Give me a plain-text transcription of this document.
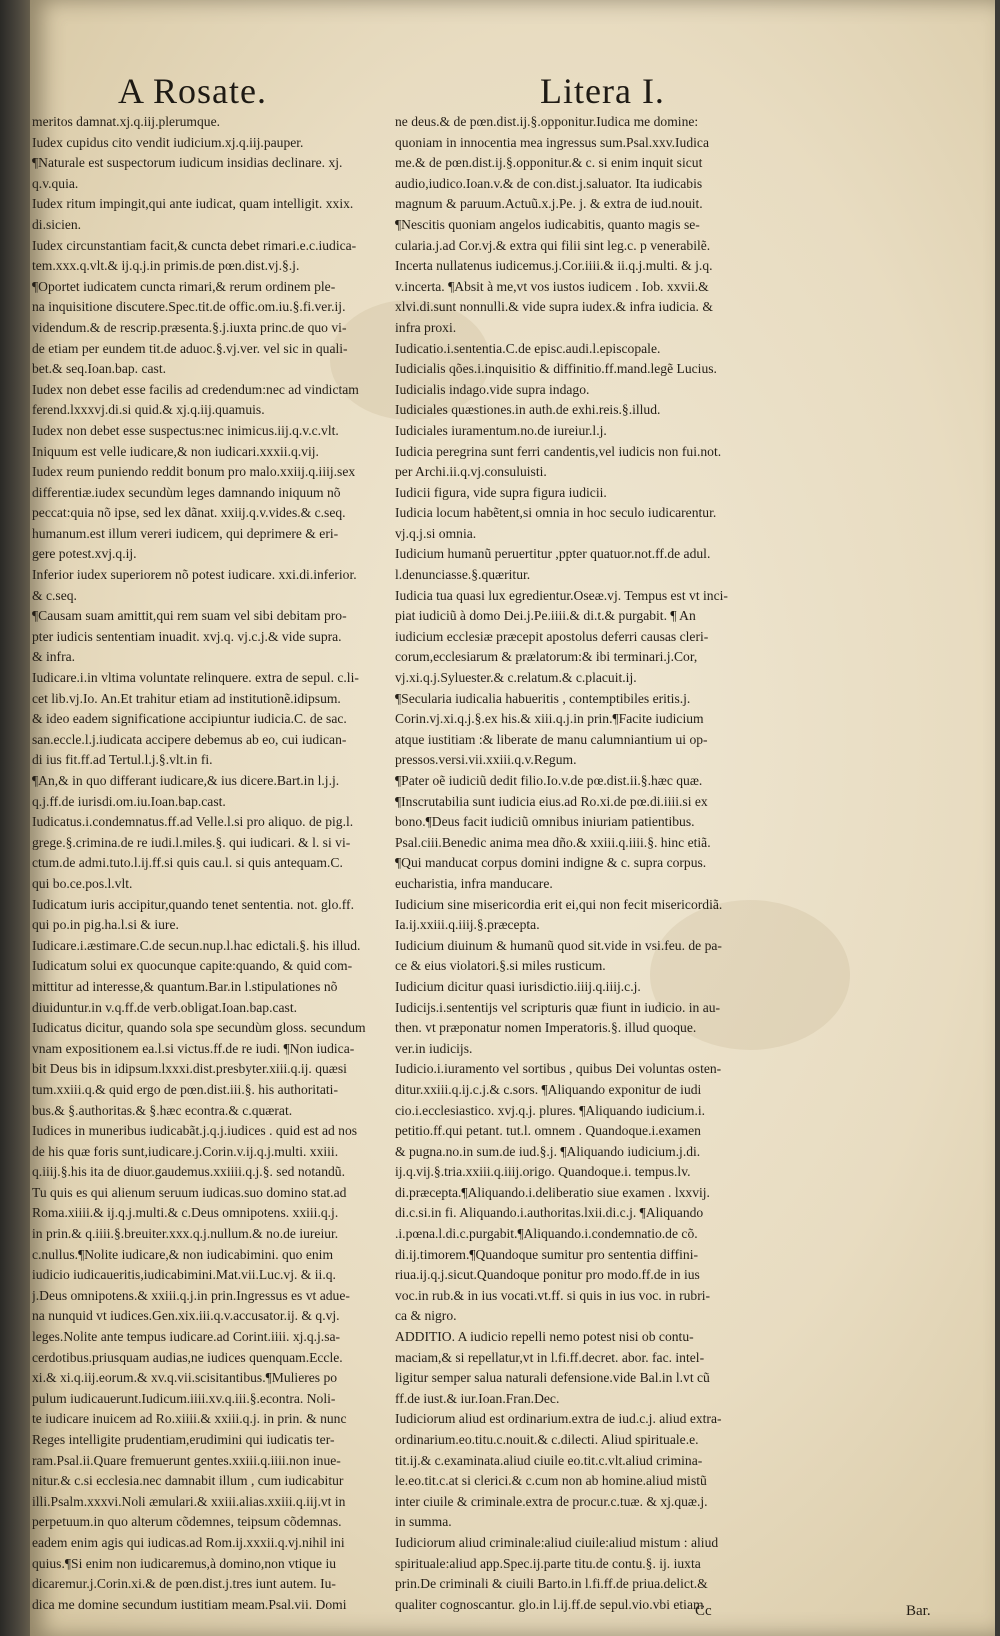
A Rosate.	Litera I.
meritos damnat.xj.q.iij.plerumque.
Iudex cupidus cito vendit iudicium.xj.q.iij.pauper.
¶Naturale est suspectorum iudicum insidias declinare. xj.
q.v.quia.
Iudex ritum impingit,qui ante iudicat, quam intelligit. xxix.
di.sicien.
Iudex circunstantiam facit,& cuncta debet rimari.e.c.iudica-
tem.xxx.q.vlt.& ij.q.j.in primis.de pœn.dist.vj.§.j.
¶Oportet iudicatem cuncta rimari,& rerum ordinem ple-
na inquisitione discutere.Spec.tit.de offic.om.iu.§.fi.ver.ij.
videndum.& de rescrip.præsenta.§.j.iuxta princ.de quo vi-
de etiam per eundem tit.de aduoc.§.vj.ver. vel sic in quali-
bet.& seq.Ioan.bap. cast.
Iudex non debet esse facilis ad credendum:nec ad vindictam
ferend.lxxxvj.di.si quid.& xj.q.iij.quamuis.
Iudex non debet esse suspectus:nec inimicus.iij.q.v.c.vlt.
Iniquum est velle iudicare,& non iudicari.xxxii.q.vij.
Iudex reum puniendo reddit bonum pro malo.xxiij.q.iiij.sex
differentiæ.iudex secundùm leges damnando iniquum nõ
peccat:quia nõ ipse, sed lex dãnat. xxiij.q.v.vides.& c.seq.
humanum.est illum vereri iudicem, qui deprimere & eri-
gere potest.xvj.q.ij.
Inferior iudex superiorem nõ potest iudicare. xxi.di.inferior.
& c.seq.
¶Causam suam amittit,qui rem suam vel sibi debitam pro-
pter iudicis sententiam inuadit. xvj.q. vj.c.j.& vide supra.
& infra.
Iudicare.i.in vltima voluntate relinquere. extra de sepul. c.li-
cet lib.vj.Io. An.Et trahitur etiam ad institutionẽ.idipsum.
& ideo eadem significatione accipiuntur iudicia.C. de sac.
san.eccle.l.j.iudicata accipere debemus ab eo, cui iudican-
di ius fit.ff.ad Tertul.l.j.§.vlt.in fi.
¶An,& in quo differant iudicare,& ius dicere.Bart.in l.j.j.
q.j.ff.de iurisdi.om.iu.Ioan.bap.cast.
Iudicatus.i.condemnatus.ff.ad Velle.l.si pro aliquo. de pig.l.
grege.§.crimina.de re iudi.l.miles.§. qui iudicari. & l. si vi-
ctum.de admi.tuto.l.ij.ff.si quis cau.l. si quis antequam.C.
qui bo.ce.pos.l.vlt.
Iudicatum iuris accipitur,quando tenet sententia. not. glo.ff.
qui po.in pig.ha.l.si & iure.
Iudicare.i.æstimare.C.de secun.nup.l.hac edictali.§. his illud.
Iudicatum solui ex quocunque capite:quando, & quid com-
mittitur ad interesse,& quantum.Bar.in l.stipulationes nõ
diuiduntur.in v.q.ff.de verb.obligat.Ioan.bap.cast.
Iudicatus dicitur, quando sola spe secundùm gloss. secundum
vnam expositionem ea.l.si victus.ff.de re iudi. ¶Non iudica-
bit Deus bis in idipsum.lxxxi.dist.presbyter.xiii.q.ij. quæsi
tum.xxiii.q.& quid ergo de pœn.dist.iii.§. his authoritati-
bus.& §.authoritas.& §.hæc econtra.& c.quærat.
Iudices in muneribus iudicabãt.j.q.j.iudices . quid est ad nos
de his quæ foris sunt,iudicare.j.Corin.v.ij.q.j.multi. xxiii.
q.iiij.§.his ita de diuor.gaudemus.xxiiii.q.j.§. sed notandũ.
Tu quis es qui alienum seruum iudicas.suo domino stat.ad
Roma.xiiii.& ij.q.j.multi.& c.Deus omnipotens. xxiii.q.j.
in prin.& q.iiii.§.breuiter.xxx.q.j.nullum.& no.de iureiur.
c.nullus.¶Nolite iudicare,& non iudicabimini. quo enim
iudicio iudicaueritis,iudicabimini.Mat.vii.Luc.vj. & ii.q.
j.Deus omnipotens.& xxiii.q.j.in prin.Ingressus es vt adue-
na nunquid vt iudices.Gen.xix.iii.q.v.accusator.ij. & q.vj.
leges.Nolite ante tempus iudicare.ad Corint.iiii. xj.q.j.sa-
cerdotibus.priusquam audias,ne iudices quenquam.Eccle.
xi.& xi.q.iij.eorum.& xv.q.vii.scisitantibus.¶Mulieres po
pulum iudicauerunt.Iudicum.iiii.xv.q.iii.§.econtra. Noli-
te iudicare inuicem ad Ro.xiiii.& xxiii.q.j. in prin. & nunc
Reges intelligite prudentiam,erudimini qui iudicatis ter-
ram.Psal.ii.Quare fremuerunt gentes.xxiii.q.iiii.non inue-
nitur.& c.si ecclesia.nec damnabit illum , cum iudicabitur
illi.Psalm.xxxvi.Noli æmulari.& xxiii.alias.xxiii.q.iij.vt in
perpetuum.in quo alterum cõdemnes, teipsum cõdemnas.
eadem enim agis qui iudicas.ad Rom.ij.xxxii.q.vj.nihil ini
quius.¶Si enim non iudicaremus,à domino,non vtique iu
dicaremur.j.Corin.xi.& de pœn.dist.j.tres iunt autem. Iu-
dica me domine secundum iustitiam meam.Psal.vii. Domi
ne deus.& de pœn.dist.ij.§.opponitur.Iudica me domine:
quoniam in innocentia mea ingressus sum.Psal.xxv.Iudica
me.& de pœn.dist.ij.§.opponitur.& c. si enim inquit sicut
audio,iudico.Ioan.v.& de con.dist.j.saluator. Ita iudicabis
magnum & paruum.Actuũ.x.j.Pe. j. & extra de iud.nouit.
¶Nescitis quoniam angelos iudicabitis, quanto magis se-
cularia.j.ad Cor.vj.& extra qui filii sint leg.c. p venerabilẽ.
Incerta nullatenus iudicemus.j.Cor.iiii.& ii.q.j.multi. & j.q.
v.incerta. ¶Absit à me,vt vos iustos iudicem . Iob. xxvii.&
xlvi.di.sunt nonnulli.& vide supra iudex.& infra iudicia. &
infra proxi.
Iudicatio.i.sententia.C.de episc.audi.l.episcopale.
Iudicialis qões.i.inquisitio & diffinitio.ff.mand.legẽ Lucius.
Iudicialis indago.vide supra indago.
Iudiciales quæstiones.in auth.de exhi.reis.§.illud.
Iudiciales iuramentum.no.de iureiur.l.j.
Iudicia peregrina sunt ferri candentis,vel iudicis non fui.not.
per Archi.ii.q.vj.consuluisti.
Iudicii figura, vide supra figura iudicii.
Iudicia locum habẽtent,si omnia in hoc seculo iudicarentur.
vj.q.j.si omnia.
Iudicium humanũ peruertitur ,ppter quatuor.not.ff.de adul.
l.denunciasse.§.quæritur.
Iudicia tua quasi lux egredientur.Oseæ.vj. Tempus est vt inci-
piat iudiciũ à domo Dei.j.Pe.iiii.& di.t.& purgabit. ¶ An
iudicium ecclesiæ præcepit apostolus deferri causas cleri-
corum,ecclesiarum & prælatorum:& ibi terminari.j.Cor,
vj.xi.q.j.Syluester.& c.relatum.& c.placuit.ij.
¶Secularia iudicalia habueritis , contemptibiles eritis.j.
Corin.vj.xi.q.j.§.ex his.& xiii.q.j.in prin.¶Facite iudicium
atque iustitiam :& liberate de manu calumniantium ui op-
pressos.versi.vii.xxiii.q.v.Regum.
¶Pater oẽ iudiciũ dedit filio.Io.v.de pœ.dist.ii.§.hæc quæ.
¶Inscrutabilia sunt iudicia eius.ad Ro.xi.de pœ.di.iiii.si ex
bono.¶Deus facit iudiciũ omnibus iniuriam patientibus.
Psal.ciii.Benedic anima mea dño.& xxiii.q.iiii.§. hinc etiã.
¶Qui manducat corpus domini indigne & c. supra corpus.
eucharistia, infra manducare.
Iudicium sine misericordia erit ei,qui non fecit misericordiã.
Ia.ij.xxiii.q.iiij.§.præcepta.
Iudicium diuinum & humanũ quod sit.vide in vsi.feu. de pa-
ce & eius violatori.§.si miles rusticum.
Iudicium dicitur quasi iurisdictio.iiij.q.iiij.c.j.
Iudicijs.i.sententijs vel scripturis quæ fiunt in iudicio. in au-
then. vt præponatur nomen Imperatoris.§. illud quoque.
ver.in iudicijs.
Iudicio.i.iuramento vel sortibus , quibus Dei voluntas osten-
ditur.xxiii.q.ij.c.j.& c.sors. ¶Aliquando exponitur de iudi
cio.i.ecclesiastico. xvj.q.j. plures. ¶Aliquando iudicium.i.
petitio.ff.qui petant. tut.l. omnem . Quandoque.i.examen
& pugna.no.in sum.de iud.§.j. ¶Aliquando iudicium.j.di.
ij.q.vij.§.tria.xxiii.q.iiij.origo. Quandoque.i. tempus.lv.
di.præcepta.¶Aliquando.i.deliberatio siue examen . lxxvij.
di.c.si.in fi. Aliquando.i.authoritas.lxii.di.c.j. ¶Aliquando
.i.pœna.l.di.c.purgabit.¶Aliquando.i.condemnatio.de cõ.
di.ij.timorem.¶Quandoque sumitur pro sententia diffini-
riua.ij.q.j.sicut.Quandoque ponitur pro modo.ff.de in ius
voc.in rub.& in ius vocati.vt.ff. si quis in ius voc. in rubri-
ca & nigro.
ADDITIO. A iudicio repelli nemo potest nisi ob contu-
maciam,& si repellatur,vt in l.fi.ff.decret. abor. fac. intel-
ligitur semper salua naturali defensione.vide Bal.in l.vt cũ
ff.de iust.& iur.Ioan.Fran.Dec.
Iudiciorum aliud est ordinarium.extra de iud.c.j. aliud extra-
ordinarium.eo.titu.c.nouit.& c.dilecti. Aliud spirituale.e.
tit.ij.& c.examinata.aliud ciuile eo.tit.c.vlt.aliud crimina-
le.eo.tit.c.at si clerici.& c.cum non ab homine.aliud mistũ
inter ciuile & criminale.extra de procur.c.tuæ. & xj.quæ.j.
in summa.
Iudiciorum aliud criminale:aliud ciuile:aliud mistum : aliud
spirituale:aliud app.Spec.ij.parte titu.de contu.§. ij. iuxta
prin.De criminali & ciuili Barto.in l.fi.ff.de priua.delict.&
qualiter cognoscantur. glo.in l.ij.ff.de sepul.vio.vbi etiam
Cc	Bar.
